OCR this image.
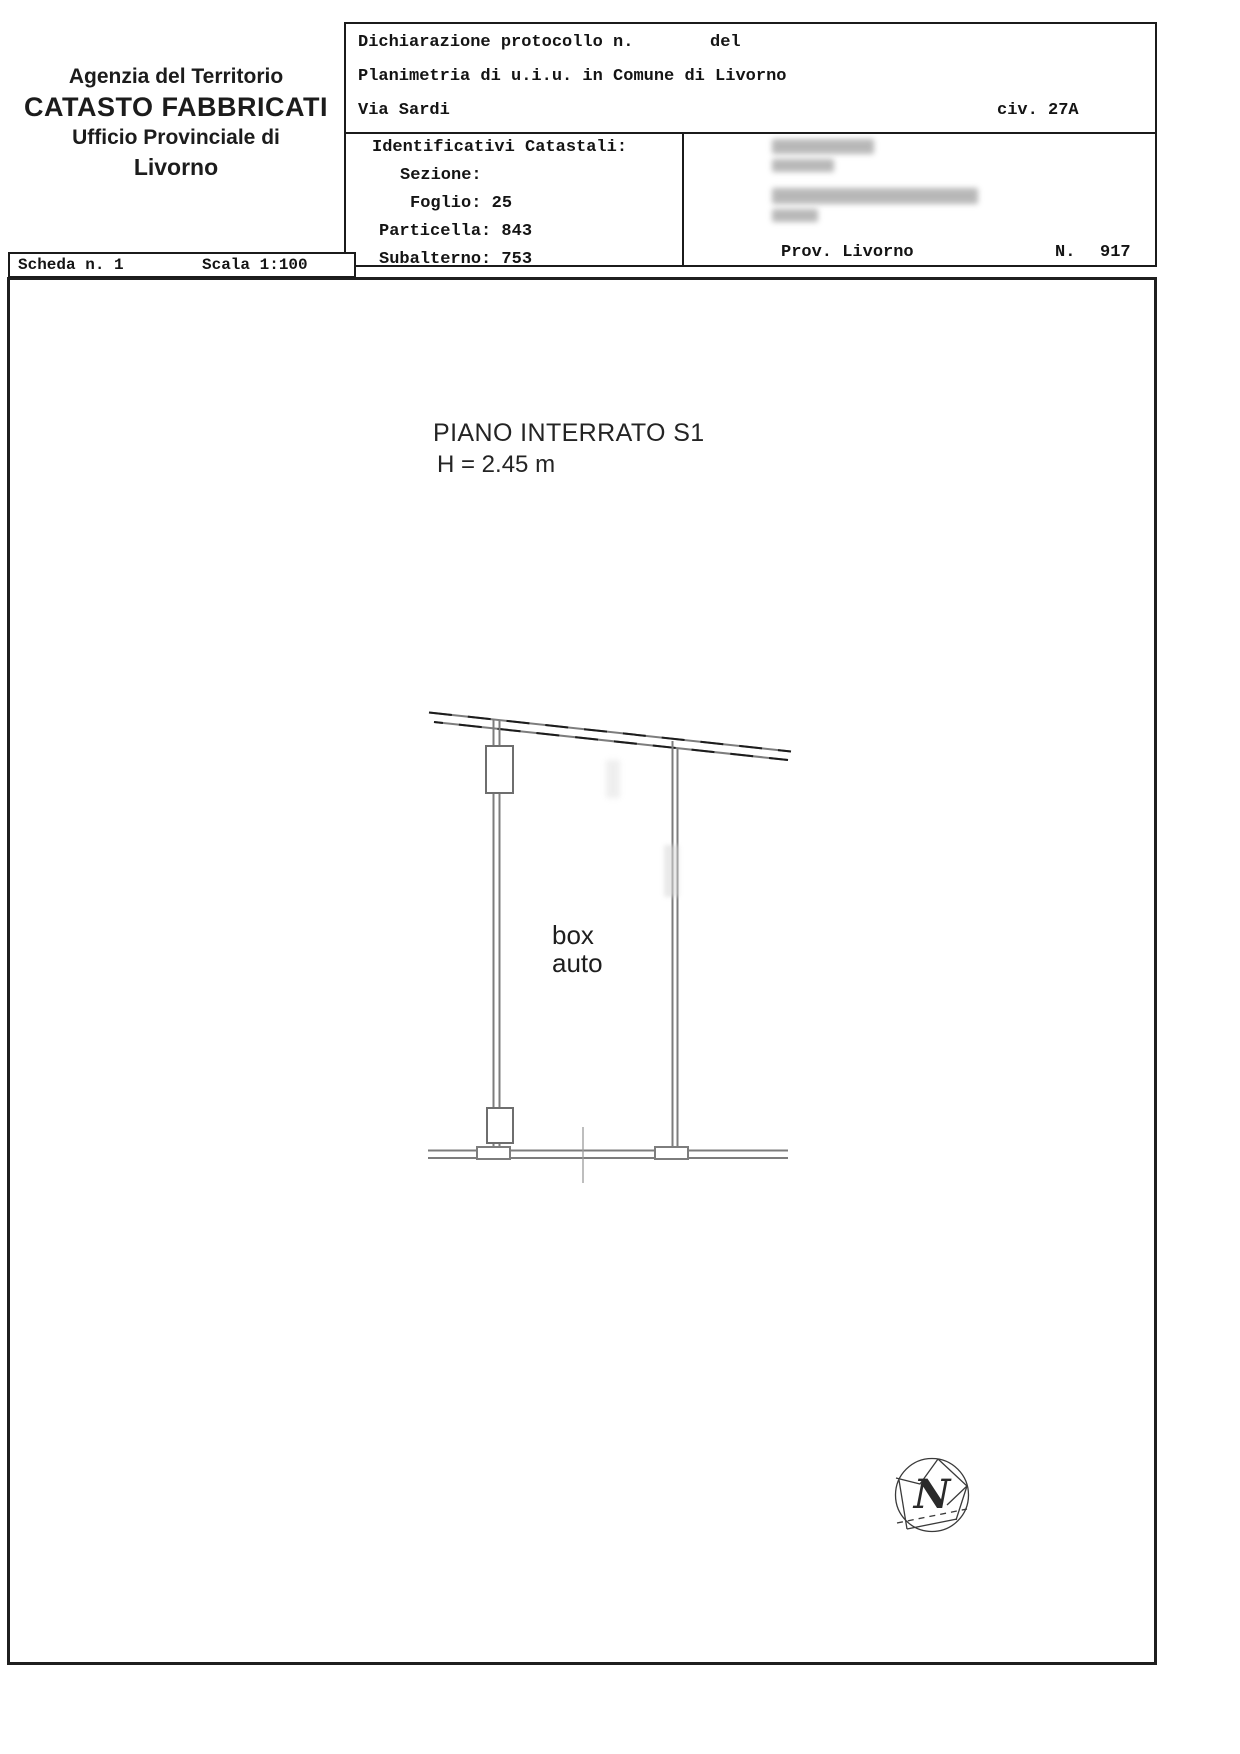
Agenzia del Territorio
CATASTO FABBRICATI
Ufficio Provinciale di
Livorno
Dichiarazione protocollo n.	del
Planimetria di u.i.u. in Comune di Livorno
Via Sardi	civ. 27A
Identificativi Catastali:
Sezione:
Foglio: 25
Particella: 843
Subalterno: 753	Prov. Livorno	N. 917
Scheda n. 1	Scala 1:100
PIANO INTERRATO S1
H = 2.45 m
box
auto
N
